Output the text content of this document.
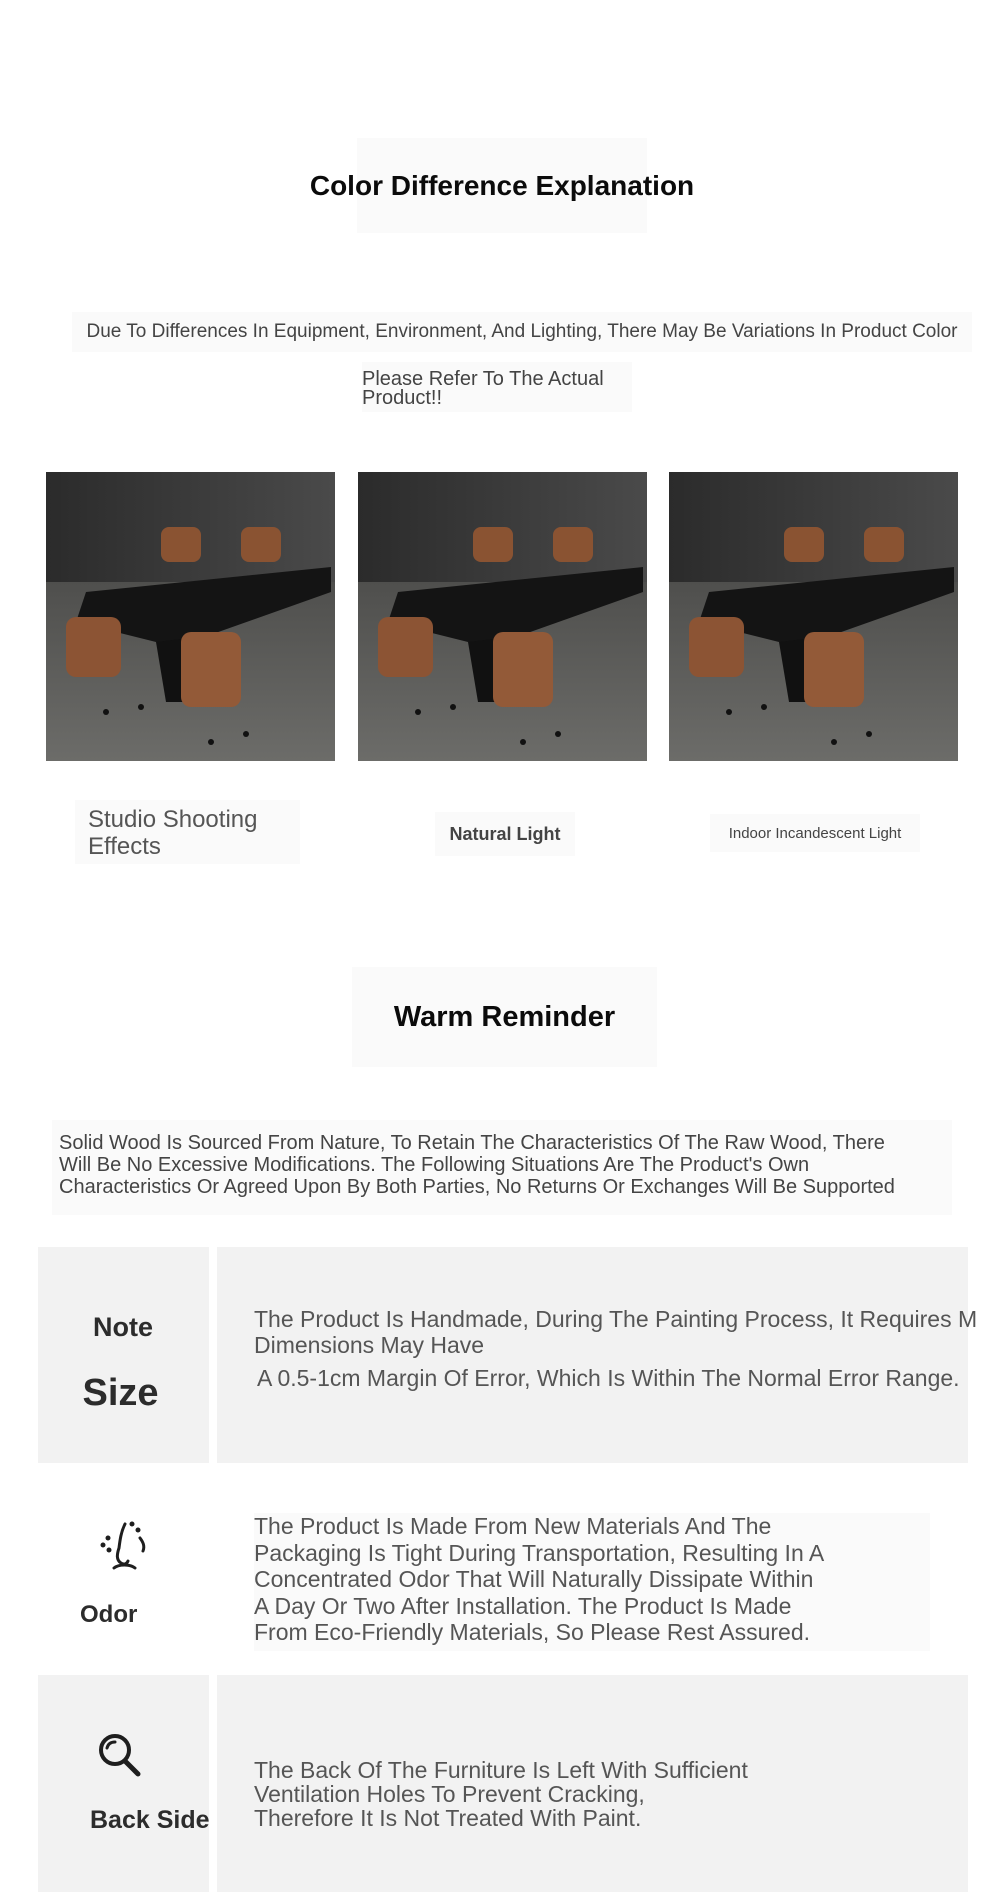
Color Difference Explanation
Due To Differences In Equipment, Environment, And Lighting, There May Be Variations In Product Color
Please Refer To The Actual
Product!!
Studio Shooting
Effects	Natural Light	Indoor Incandescent Light
Warm Reminder
Solid Wood Is Sourced From Nature, To Retain The Characteristics Of The Raw Wood, There
Will Be No Excessive Modifications. The Following Situations Are The Product's Own
Characteristics Or Agreed Upon By Both Parties, No Returns Or Exchanges Will Be Supported
Note
Size
The Product Is Handmade, During The Painting Process, It Requires M
Dimensions May Have
A 0.5-1cm Margin Of Error, Which Is Within The Normal Error Range.
Odor
The Product Is Made From New Materials And The
Packaging Is Tight During Transportation, Resulting In A
Concentrated Odor That Will Naturally Dissipate Within
A Day Or Two After Installation. The Product Is Made
From Eco-Friendly Materials, So Please Rest Assured.
Back Side
The Back Of The Furniture Is Left With Sufficient
Ventilation Holes To Prevent Cracking,
Therefore It Is Not Treated With Paint.
